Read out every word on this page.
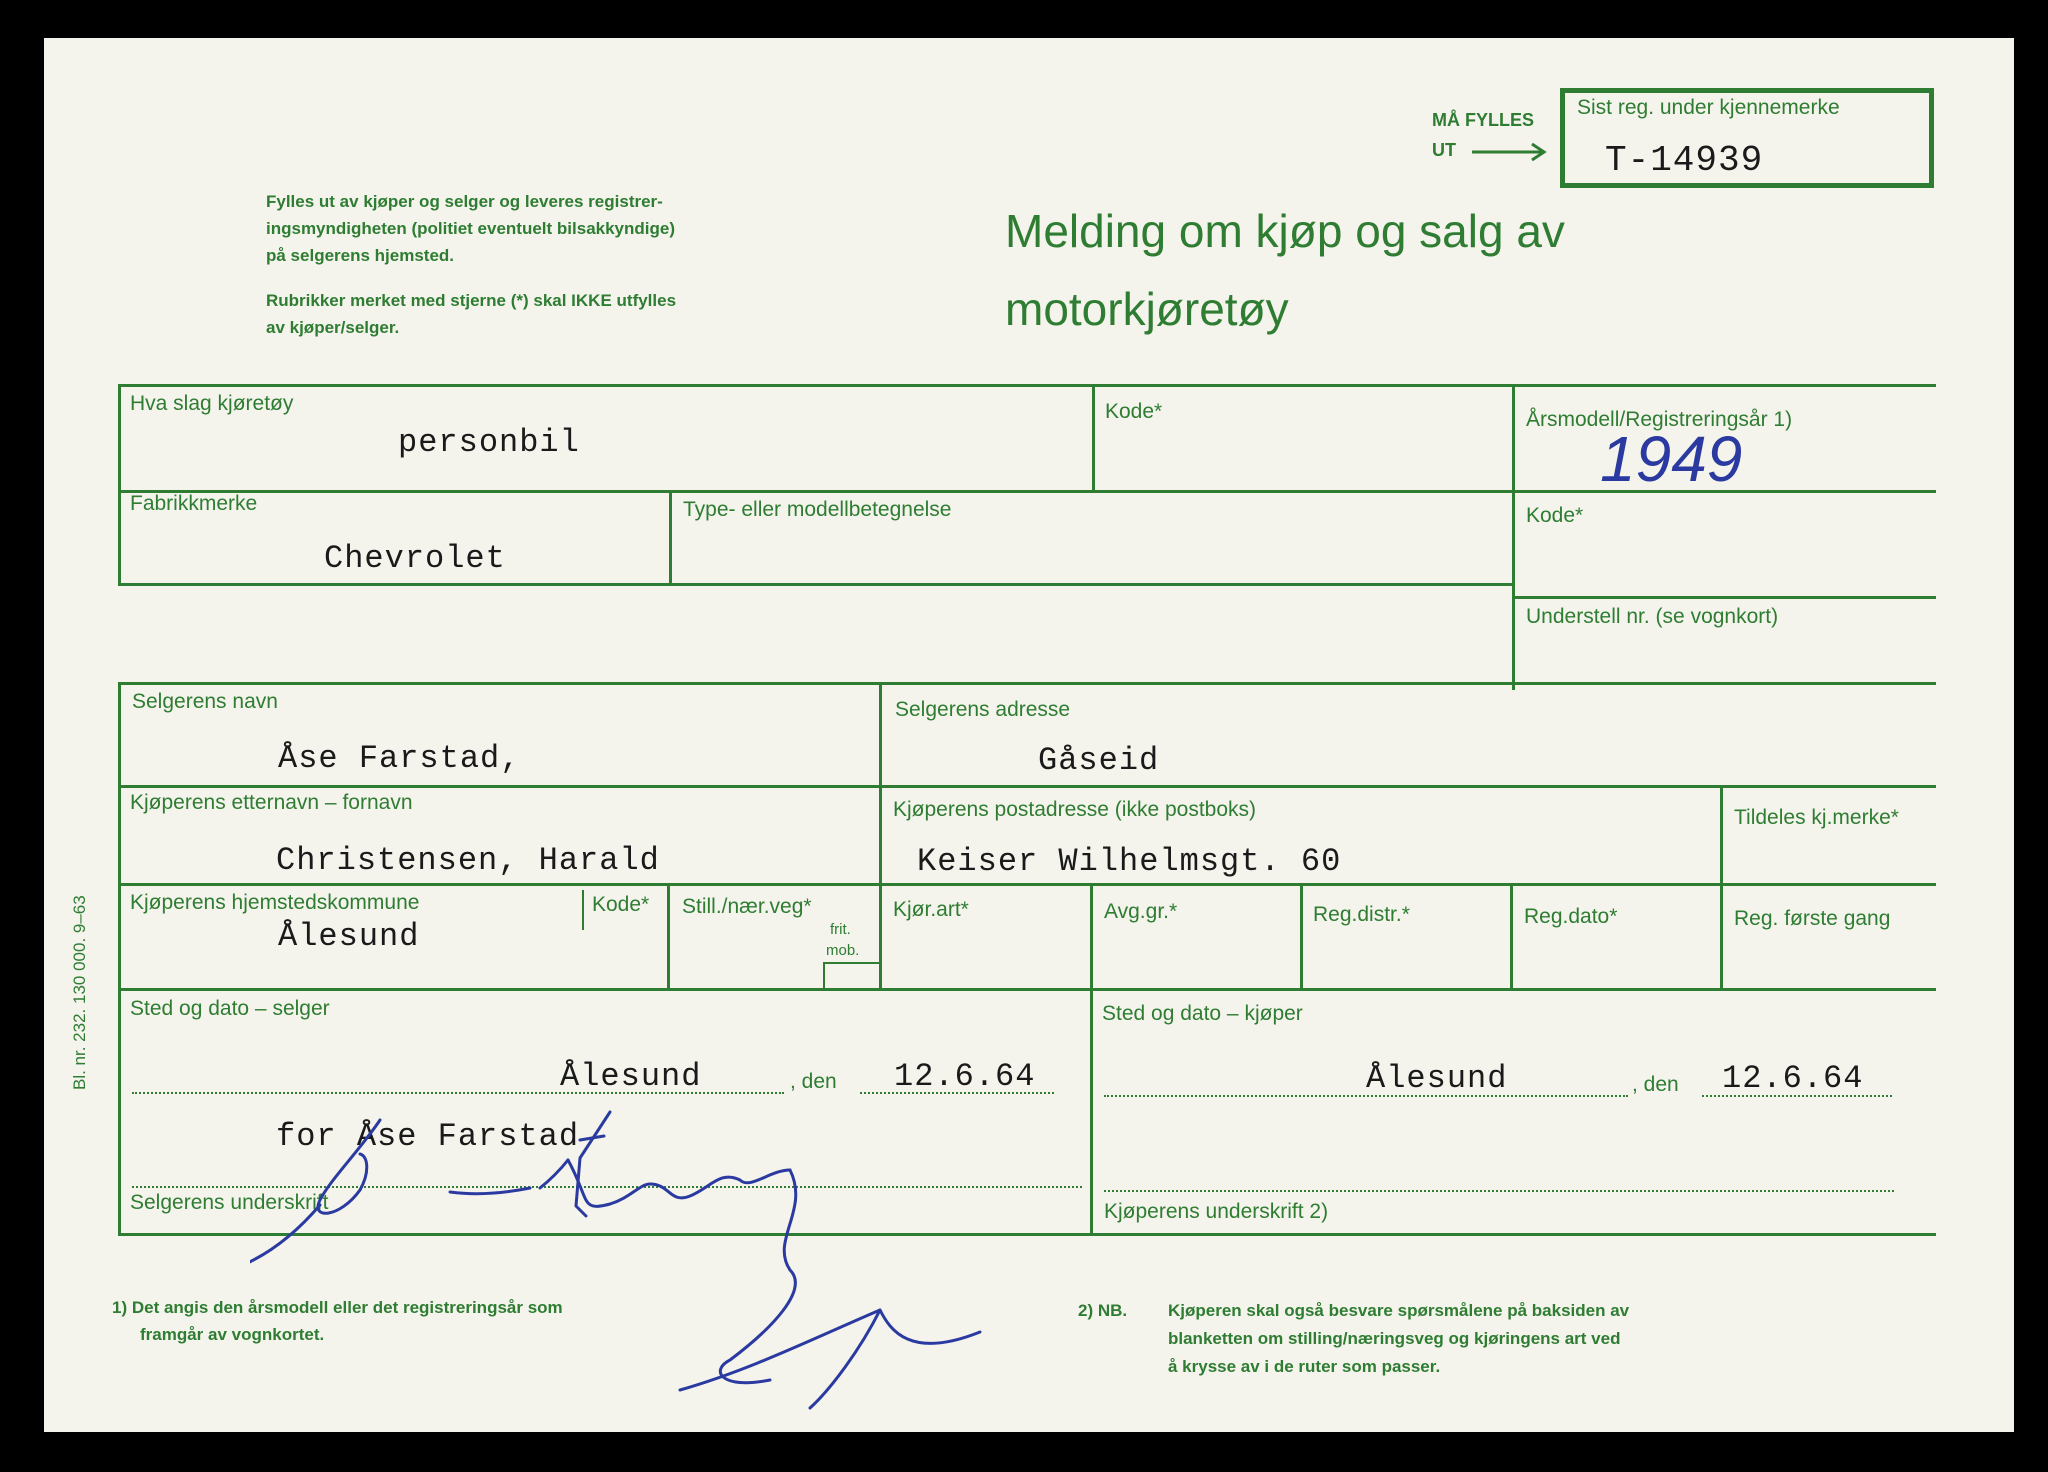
MÅ FYLLES
UT
Sist reg. under kjennemerke
T-14939
Fylles ut av kjøper og selger og leveres registrer-
ingsmyndigheten (politiet eventuelt bilsakkyndige)
på selgerens hjemsted.
Rubrikker merket med stjerne (*) skal IKKE utfylles
av kjøper/selger.
Melding om kjøp og salg av
motorkjøretøy
Hva slag kjøretøy
personbil
Kode*	Årsmodell/Registreringsår 1)
1949
Fabrikkmerke
Chevrolet
Type- eller modellbetegnelse	Kode*
Understell nr. (se vognkort)
Selgerens navn
Åse Farstad,
Selgerens adresse
Gåseid
Kjøperens etternavn – fornavn
Christensen, Harald
Kjøperens postadresse (ikke postboks)
Keiser Wilhelmsgt. 60
Tildeles kj.merke*
Kjøperens hjemstedskommune
Ålesund
Kode* Still./nær.veg*
frit.
mob.
Kjør.art*	Avg.gr.*	Reg.distr.*	Reg.dato*	Reg. første gang
Sted og dato – selger
Ålesund	, den 12.6.64
for Åse Farstad
Selgerens underskrift
Sted og dato – kjøper
Ålesund	, den 12.6.64
Kjøperens underskrift 2)
Bl. nr. 232. 130 000. 9–63
1) Det angis den årsmodell eller det registreringsår som
framgår av vognkortet.
2) NB. Kjøperen skal også besvare spørsmålene på baksiden av
blanketten om stilling/næringsveg og kjøringens art ved
å krysse av i de ruter som passer.
